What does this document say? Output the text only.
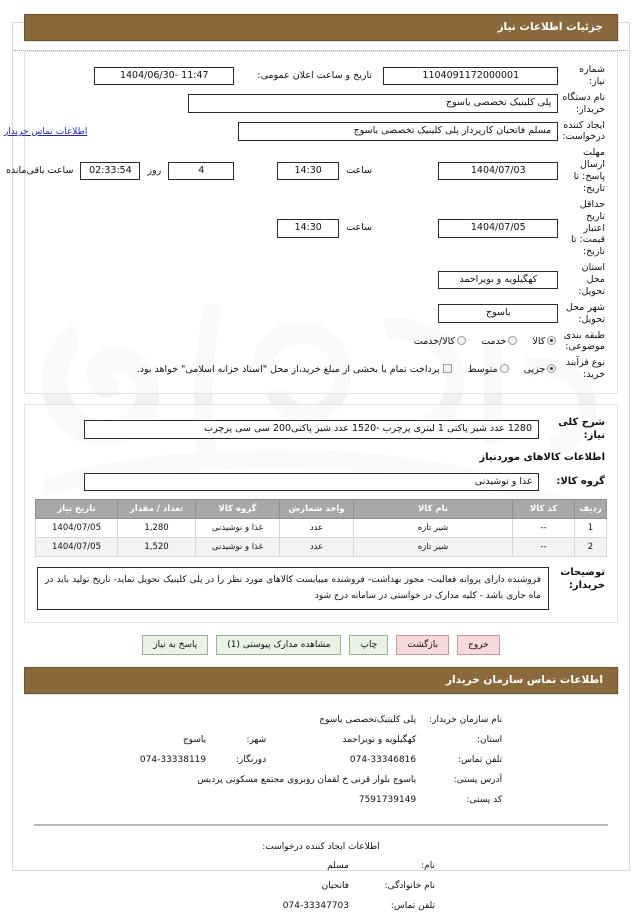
جزئیات اطلاعات نیاز
شماره نیاز:	1104091172000001	تاریخ و ساعت اعلان عمومی:	11:47 -1404/06/30
نام دستگاه خریدار:	پلی کلینیک تخصصی یاسوج		
ایجاد کننده درخواست:	مسلم فاتحیان کارپرداز پلی کلینیک تخصصی یاسوج		اطلاعات تماس خریدار
مهلت ارسال پاسخ: تا تاریخ:	1404/07/03	ساعت 14:30	4 روز 02:33:54 ساعت باقی‌مانده
حداقل تاریخ اعتبار قیمت: تا تاریخ:	1404/07/05	ساعت 14:30	
استان محل تحویل:	کهگیلویه و بویراحمد		
شهر محل تحویل:	یاسوج		
طبقه بندی موضوعی:	کالا خدمت کالا/خدمت		
نوع فرآیند خرید:	جزیی متوسط پرداخت تمام یا بخشی از مبلغ خرید،از محل "اسناد خزانه اسلامی" خواهد بود.		
شرح کلی نیاز:	1280 عدد شیر پاکتی 1 لیتری پرچرب -1520 عدد شیر پاکتی200 سی سی پرچرب
اطلاعات کالاهای موردنیاز	
گروه کالا:	غذا و نوشیدنی
ردیف	کد کالا	نام کالا	واحد شمارش	گروه کالا	تعداد / مقدار	تاریخ نیاز
1	--	شیر تازه	عدد	غذا و نوشیدنی	1,280	1404/07/05
2	--	شیر تازه	عدد	غذا و نوشیدنی	1,520	1404/07/05
توضیحات خریدار:	
فروشنده دارای پروانه فعالیت- مجوز بهداشت- فروشنده میبایست کالاهای مورد نظر را در پلی کلینیک تحویل نماید- تاریخ تولید باید در ماه جاری باشد - کلیه مدارک در خواستی در سامانه درج شود
خروج
بازگشت
چاپ
مشاهده مدارک پیوستی (1)
پاسخ به نیاز
اطلاعات تماس سازمان خریدار
نام سازمان خریدار:	پلی کلینیک‌تخصصی یاسوج		
استان:	کهگیلویه و بویراحمد	شهر:	یاسوج
تلفن تماس:	074-33346816	دورنگار:	074-33338119
آدرس پستی:	یاسوج بلوار قرنی خ لقمان روبروی مجتمع مسکونی پردیس		
کد پستی:	7591739149		
اطلاعات ایجاد کننده درخواست:
نام:	مسلم
نام خانوادگی:	فاتحیان
تلفن تماس:	074-33347703
